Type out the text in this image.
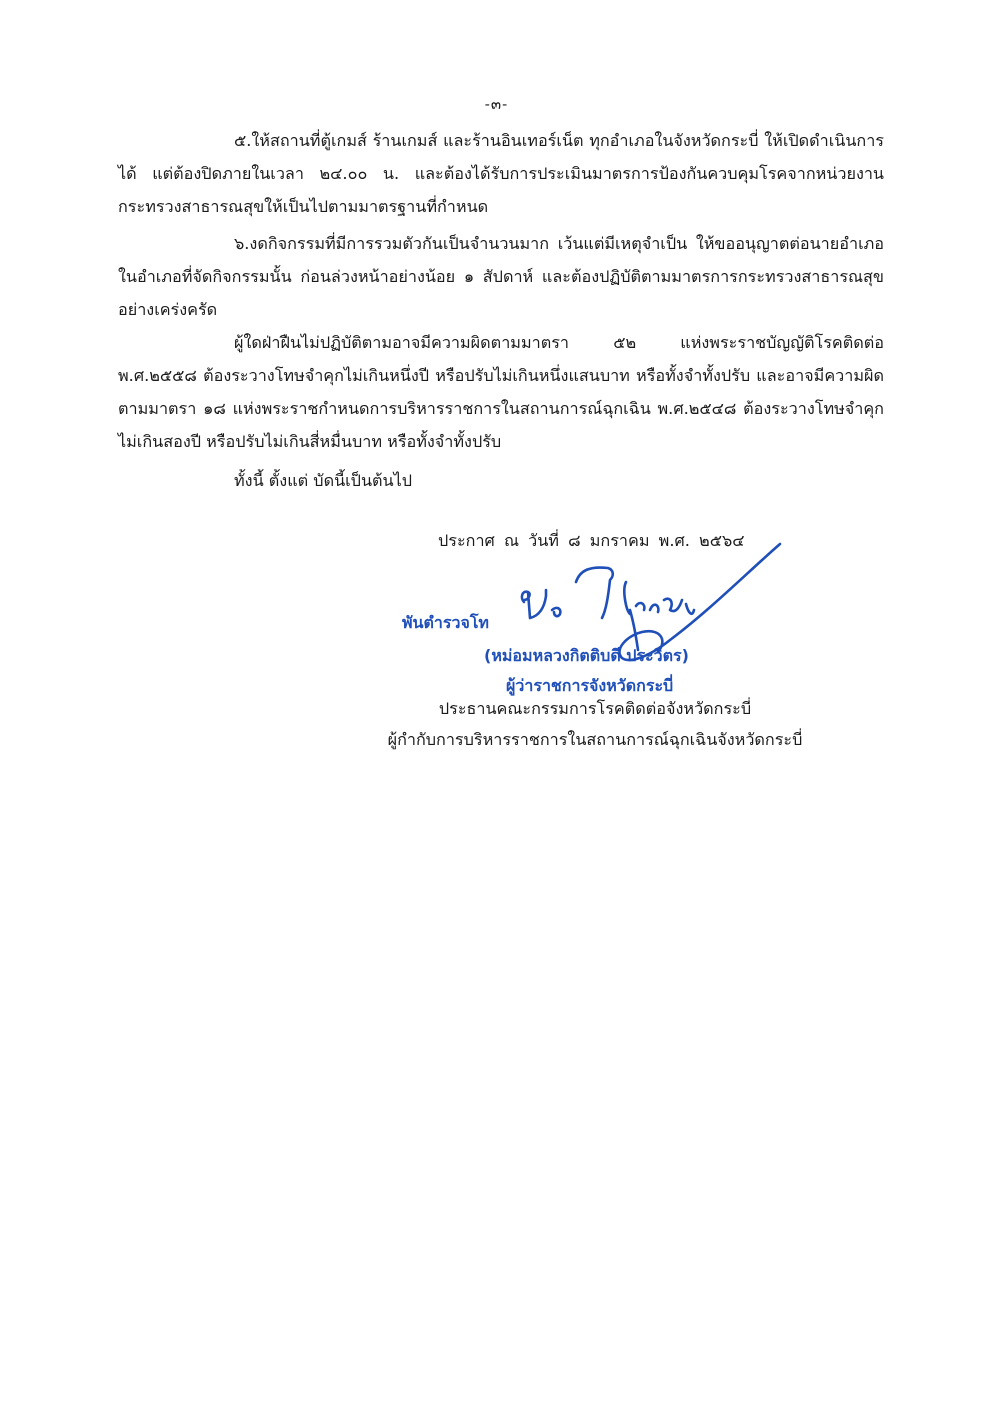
-๓-
๕.ให้สถานที่ตู้เกมส์ ร้านเกมส์ และร้านอินเทอร์เน็ต ทุกอำเภอในจังหวัดกระบี่ ให้เปิดดำเนินการได้ แต่ต้องปิดภายในเวลา ๒๔.๐๐ น. และต้องได้รับการประเมินมาตรการป้องกันควบคุมโรคจากหน่วยงานกระทรวงสาธารณสุขให้เป็นไปตามมาตรฐานที่กำหนด
๖.งดกิจกรรมที่มีการรวมตัวกันเป็นจำนวนมาก เว้นแต่มีเหตุจำเป็น ให้ขออนุญาตต่อนายอำเภอในอำเภอที่จัดกิจกรรมนั้น ก่อนล่วงหน้าอย่างน้อย ๑ สัปดาห์ และต้องปฏิบัติตามมาตรการกระทรวงสาธารณสุขอย่างเคร่งครัด
ผู้ใดฝ่าฝืนไม่ปฏิบัติตามอาจมีความผิดตามมาตรา ๕๒ แห่งพระราชบัญญัติโรคติดต่อ พ.ศ.๒๕๕๘ ต้องระวางโทษจำคุกไม่เกินหนึ่งปี หรือปรับไม่เกินหนึ่งแสนบาท หรือทั้งจำทั้งปรับ และอาจมีความผิดตามมาตรา ๑๘ แห่งพระราชกำหนดการบริหารราชการในสถานการณ์ฉุกเฉิน พ.ศ.๒๕๔๘ ต้องระวางโทษจำคุกไม่เกินสองปี หรือปรับไม่เกินสี่หมื่นบาท หรือทั้งจำทั้งปรับ
ทั้งนี้ ตั้งแต่ บัดนี้เป็นต้นไป
ประกาศ ณ วันที่ ๘ มกราคม พ.ศ. ๒๕๖๔
พันตำรวจโท
(หม่อมหลวงกิตติบดี ประวิตร)
ผู้ว่าราชการจังหวัดกระบี่
ประธานคณะกรรมการโรคติดต่อจังหวัดกระบี่
ผู้กำกับการบริหารราชการในสถานการณ์ฉุกเฉินจังหวัดกระบี่
